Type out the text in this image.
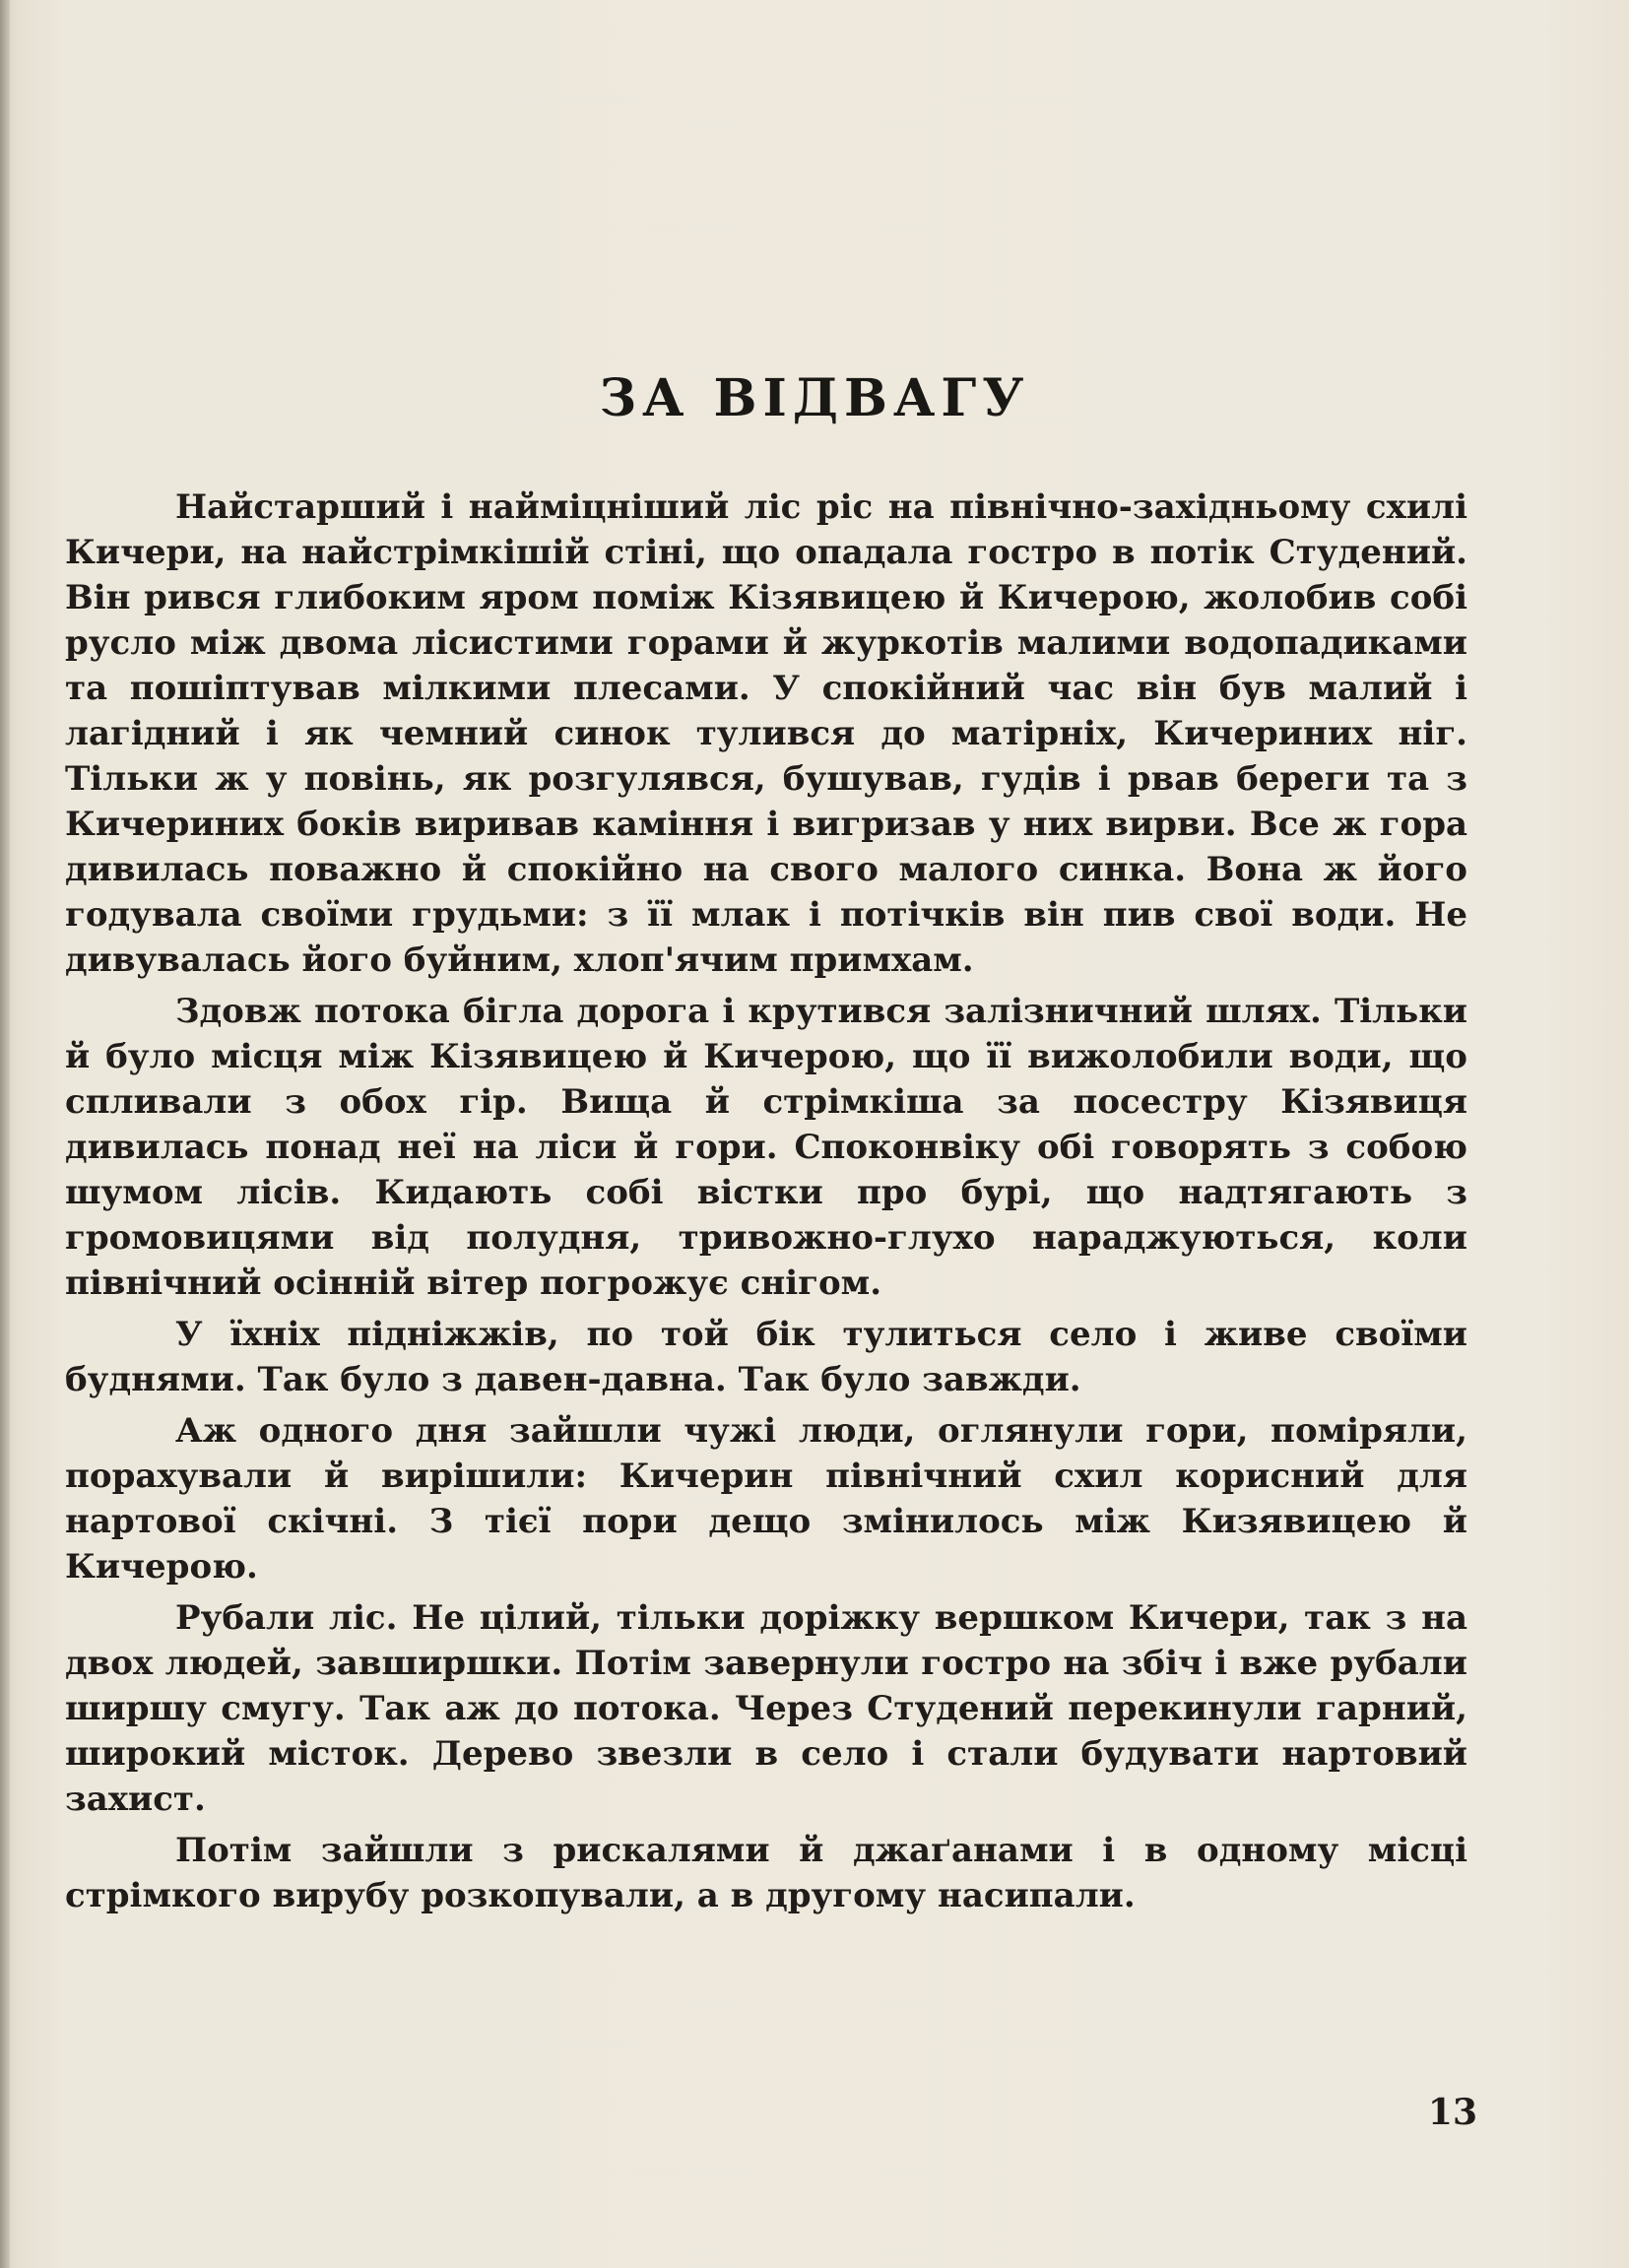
ЗА ВІДВАГУ

Найстарший і наймiцнiший ліс ріс на північно-західньому схилі Кичери, на найстрімкішій стіні, що опадала гостро в потік Студений. Він рився глибоким яром поміж Кізявицею й Кичерою, жолобив собі русло між двома лісистими горами й журкотів малими водопадиками та пошiптував мілкими плесами. У спокійний час він був малий і лагідний і як чемний синок тулився до матірніх, Кичериних ніг. Тільки ж у повінь, як розгулявся, бушував, гудів і рвав береги та з Кичериних боків виривав каміння і вигризав у них вирви. Все ж гора дивилась поважно й спокійно на свого малого синка. Вона ж його годувала своїми грудьми: з її млак і потічків він пив свої води. Не дивувалась його буйним, хлоп'ячим примхам.

Здовж потока бігла дорога і крутився залізничний шлях. Тільки й було місця між Кізявицею й Кичерою, що її вижолобили води, що спливали з обох гір. Вища й стрімкіша за посестру Кізявиця дивилась понад неї на ліси й гори. Споконвіку обі говорять з собою шумом лісів. Кидають собі вістки про бурі, що надтягають з громовицями від полудня, тривожно-глухо нараджуються, коли північний осінній вітер погрожує снігом.

У їхніх підніжжів, по той бік тулиться село і живе своїми буднями. Так було з давен-давна. Так було завжди.

Аж одного дня зайшли чужі люди, оглянули гори, поміряли, порахували й вирішили: Кичерин північний схил корисний для нартової скічні. З тієї пори дещо змінилось між Кизявицею й Кичерою.

Рубали ліс. Не цілий, тільки доріжку вершком Кичери, так з на двох людей, завширшки. Потім завернули гостро на збіч і вже рубали ширшу смугу. Так аж до потока. Через Студений перекинули гарний, широкий місток. Дерево звезли в село і стали будувати нартовий захист.

Потім зайшли з рискалями й джаґанами і в одному місці стрімкого вирубу розкопували, а в другому насипали.

13
